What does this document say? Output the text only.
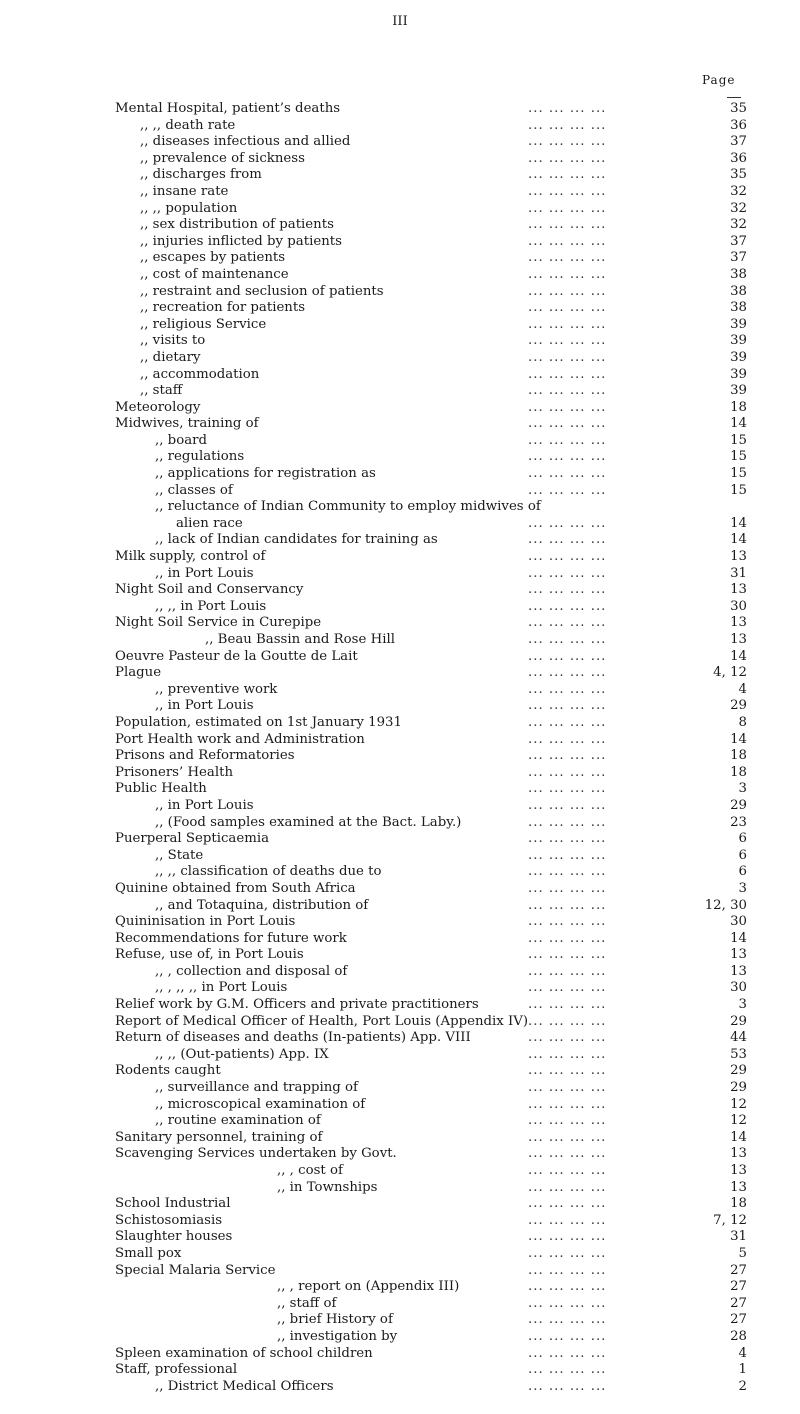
III
Page
Mental Hospital, patient’s deaths	... ... ... ...	35
,, ,, death rate	... ... ... ...	36
,, diseases infectious and allied	... ... ... ...	37
,, prevalence of sickness	... ... ... ...	36
,, discharges from	... ... ... ...	35
,, insane rate	... ... ... ...	32
,, ,, population	... ... ... ...	32
,, sex distribution of patients	... ... ... ...	32
,, injuries inflicted by patients	... ... ... ...	37
,, escapes by patients	... ... ... ...	37
,, cost of maintenance	... ... ... ...	38
,, restraint and seclusion of patients	... ... ... ...	38
,, recreation for patients	... ... ... ...	38
,, religious Service	... ... ... ...	39
,, visits to	... ... ... ...	39
,, dietary	... ... ... ...	39
,, accommodation	... ... ... ...	39
,, staff	... ... ... ...	39
Meteorology	... ... ... ...	18
Midwives, training of	... ... ... ...	14
,, board	... ... ... ...	15
,, regulations	... ... ... ...	15
,, applications for registration as	... ... ... ...	15
,, classes of	... ... ... ...	15
,, reluctance of Indian Community to employ midwives of
alien race	... ... ... ...	14
,, lack of Indian candidates for training as	... ... ... ...	14
Milk supply, control of	... ... ... ...	13
,, in Port Louis	... ... ... ...	31
Night Soil and Conservancy	... ... ... ...	13
,, ,, in Port Louis	... ... ... ...	30
Night Soil Service in Curepipe	... ... ... ...	13
,, Beau Bassin and Rose Hill	... ... ... ...	13
Oeuvre Pasteur de la Goutte de Lait	... ... ... ...	14
Plague	... ... ... ...	4, 12
,, preventive work	... ... ... ...	4
,, in Port Louis	... ... ... ...	29
Population, estimated on 1st January 1931	... ... ... ...	8
Port Health work and Administration	... ... ... ...	14
Prisons and Reformatories	... ... ... ...	18
Prisoners’ Health	... ... ... ...	18
Public Health	... ... ... ...	3
,, in Port Louis	... ... ... ...	29
,, (Food samples examined at the Bact. Laby.)	... ... ... ...	23
Puerperal Septicaemia	... ... ... ...	6
,, State	... ... ... ...	6
,, ,, classification of deaths due to	... ... ... ...	6
Quinine obtained from South Africa	... ... ... ...	3
,, and Totaquina, distribution of	... ... ... ...	12, 30
Quininisation in Port Louis	... ... ... ...	30
Recommendations for future work	... ... ... ...	14
Refuse, use of, in Port Louis	... ... ... ...	13
,, , collection and disposal of	... ... ... ...	13
,, , ,, ,, in Port Louis	... ... ... ...	30
Relief work by G.M. Officers and private practitioners	... ... ... ...	3
Report of Medical Officer of Health, Port Louis (Appendix IV) ... ... ... ...	29
Return of diseases and deaths (In-patients) App. VIII	... ... ... ...	44
,, ,, (Out-patients) App. IX	... ... ... ...	53
Rodents caught	... ... ... ...	29
,, surveillance and trapping of	... ... ... ...	29
,, microscopical examination of	... ... ... ...	12
,, routine examination of	... ... ... ...	12
Sanitary personnel, training of	... ... ... ...	14
Scavenging Services undertaken by Govt.	... ... ... ...	13
,, , cost of	... ... ... ...	13
,, in Townships	... ... ... ...	13
School Industrial	... ... ... ...	18
Schistosomiasis	... ... ... ...	7, 12
Slaughter houses	... ... ... ...	31
Small pox	... ... ... ...	5
Special Malaria Service	... ... ... ...	27
,, , report on (Appendix III)	... ... ... ...	27
,, staff of	... ... ... ...	27
,, brief History of	... ... ... ...	27
,, investigation by	... ... ... ...	28
Spleen examination of school children	... ... ... ...	4
Staff, professional	... ... ... ...	1
,, District Medical Officers	... ... ... ...	2
